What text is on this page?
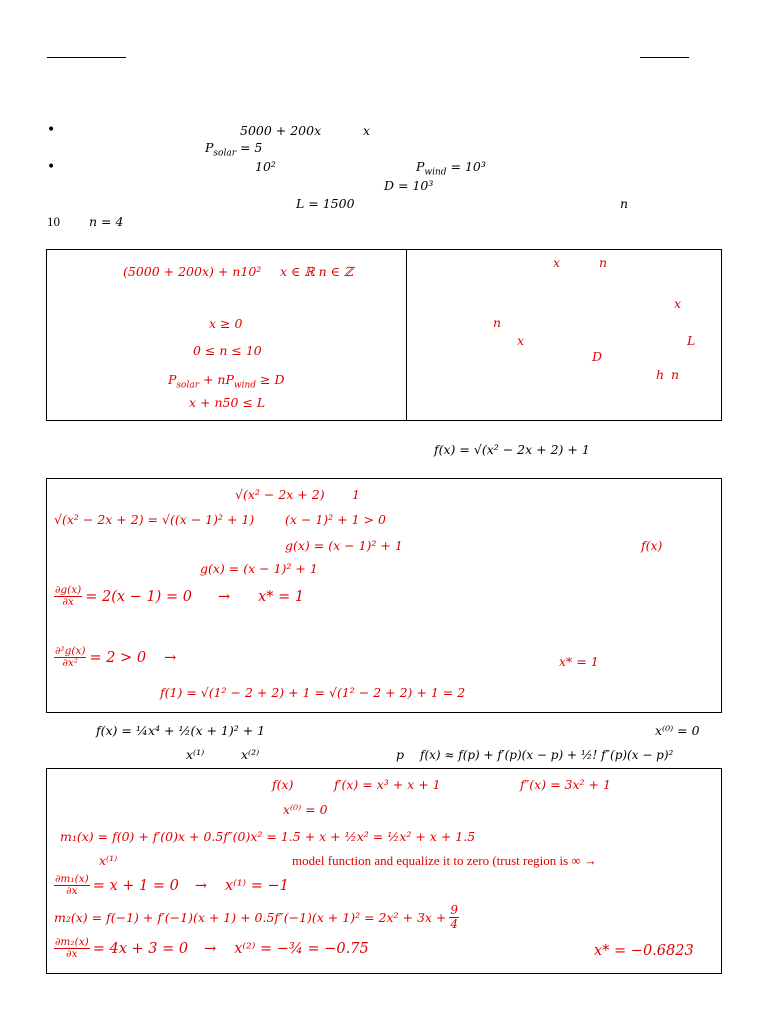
•	5000 + 200x	x
$P_{solar} = 5$
•	10²	$P_{wind} = 10^3$
D = 10³
L = 1500	n
10 n = 4
(5000 + 200x) + n10² x ∈ ℝ n ∈ ℤ
x ≥ 0
0 ≤ n ≤ 10
$P_{solar} + nP_{wind} \ge D$
x + n50 ≤ L
x	n
x
n
x	L
D
h n
f(x) = √(x² − 2x + 2) + 1
√(x² − 2x + 2) 1
√(x² − 2x + 2) = √((x − 1)² + 1) (x − 1)² + 1 > 0
g(x) = (x − 1)² + 1	f(x)
g(x) = (x − 1)² + 1
$\frac{\partial g(x)}{\partial x} = 2(x - 1) = 0 \to x* = 1$
$\frac{\text{∂²g(x)}}{\text{∂x²}} = 2 > 0$ →	x* = 1
f(1) = √(1² − 2 + 2) + 1 = √(1² − 2 + 2) + 1 = 2
f(x) = ¼x⁴ + ½(x + 1)² + 1	x⁽⁰⁾ = 0
x⁽¹⁾	x⁽²⁾	p f(x) ≈ f(p) + f′(p)(x − p) + ½! f″(p)(x − p)²
f(x)	f′(x) = x³ + x + 1	f″(x) = 3x² + 1
x⁽⁰⁾ = 0
m₁(x) = f(0) + f′(0)x + 0.5f″(0)x² = 1.5 + x + ½x² = ½x² + x + 1.5
x⁽¹⁾	model function and equalize it to zero (trust region is ∞ →
$\frac{\text{∂m₁(x)}}{\partial x} = x + 1 = 0 \to x^{(1)} = -1$
$m_2(x) = f(-1) + f'(-1)(x + 1) + 0.5f''(-1)(x + 1)^2 = 2x^2 + 3x + \frac{9}{4}$
$\frac{\text{∂m₂(x)}}{\partial x} = 4x + 3 = 0 \to x^{(2)}$ = −¾ = −0.75	x* = −0.6823
